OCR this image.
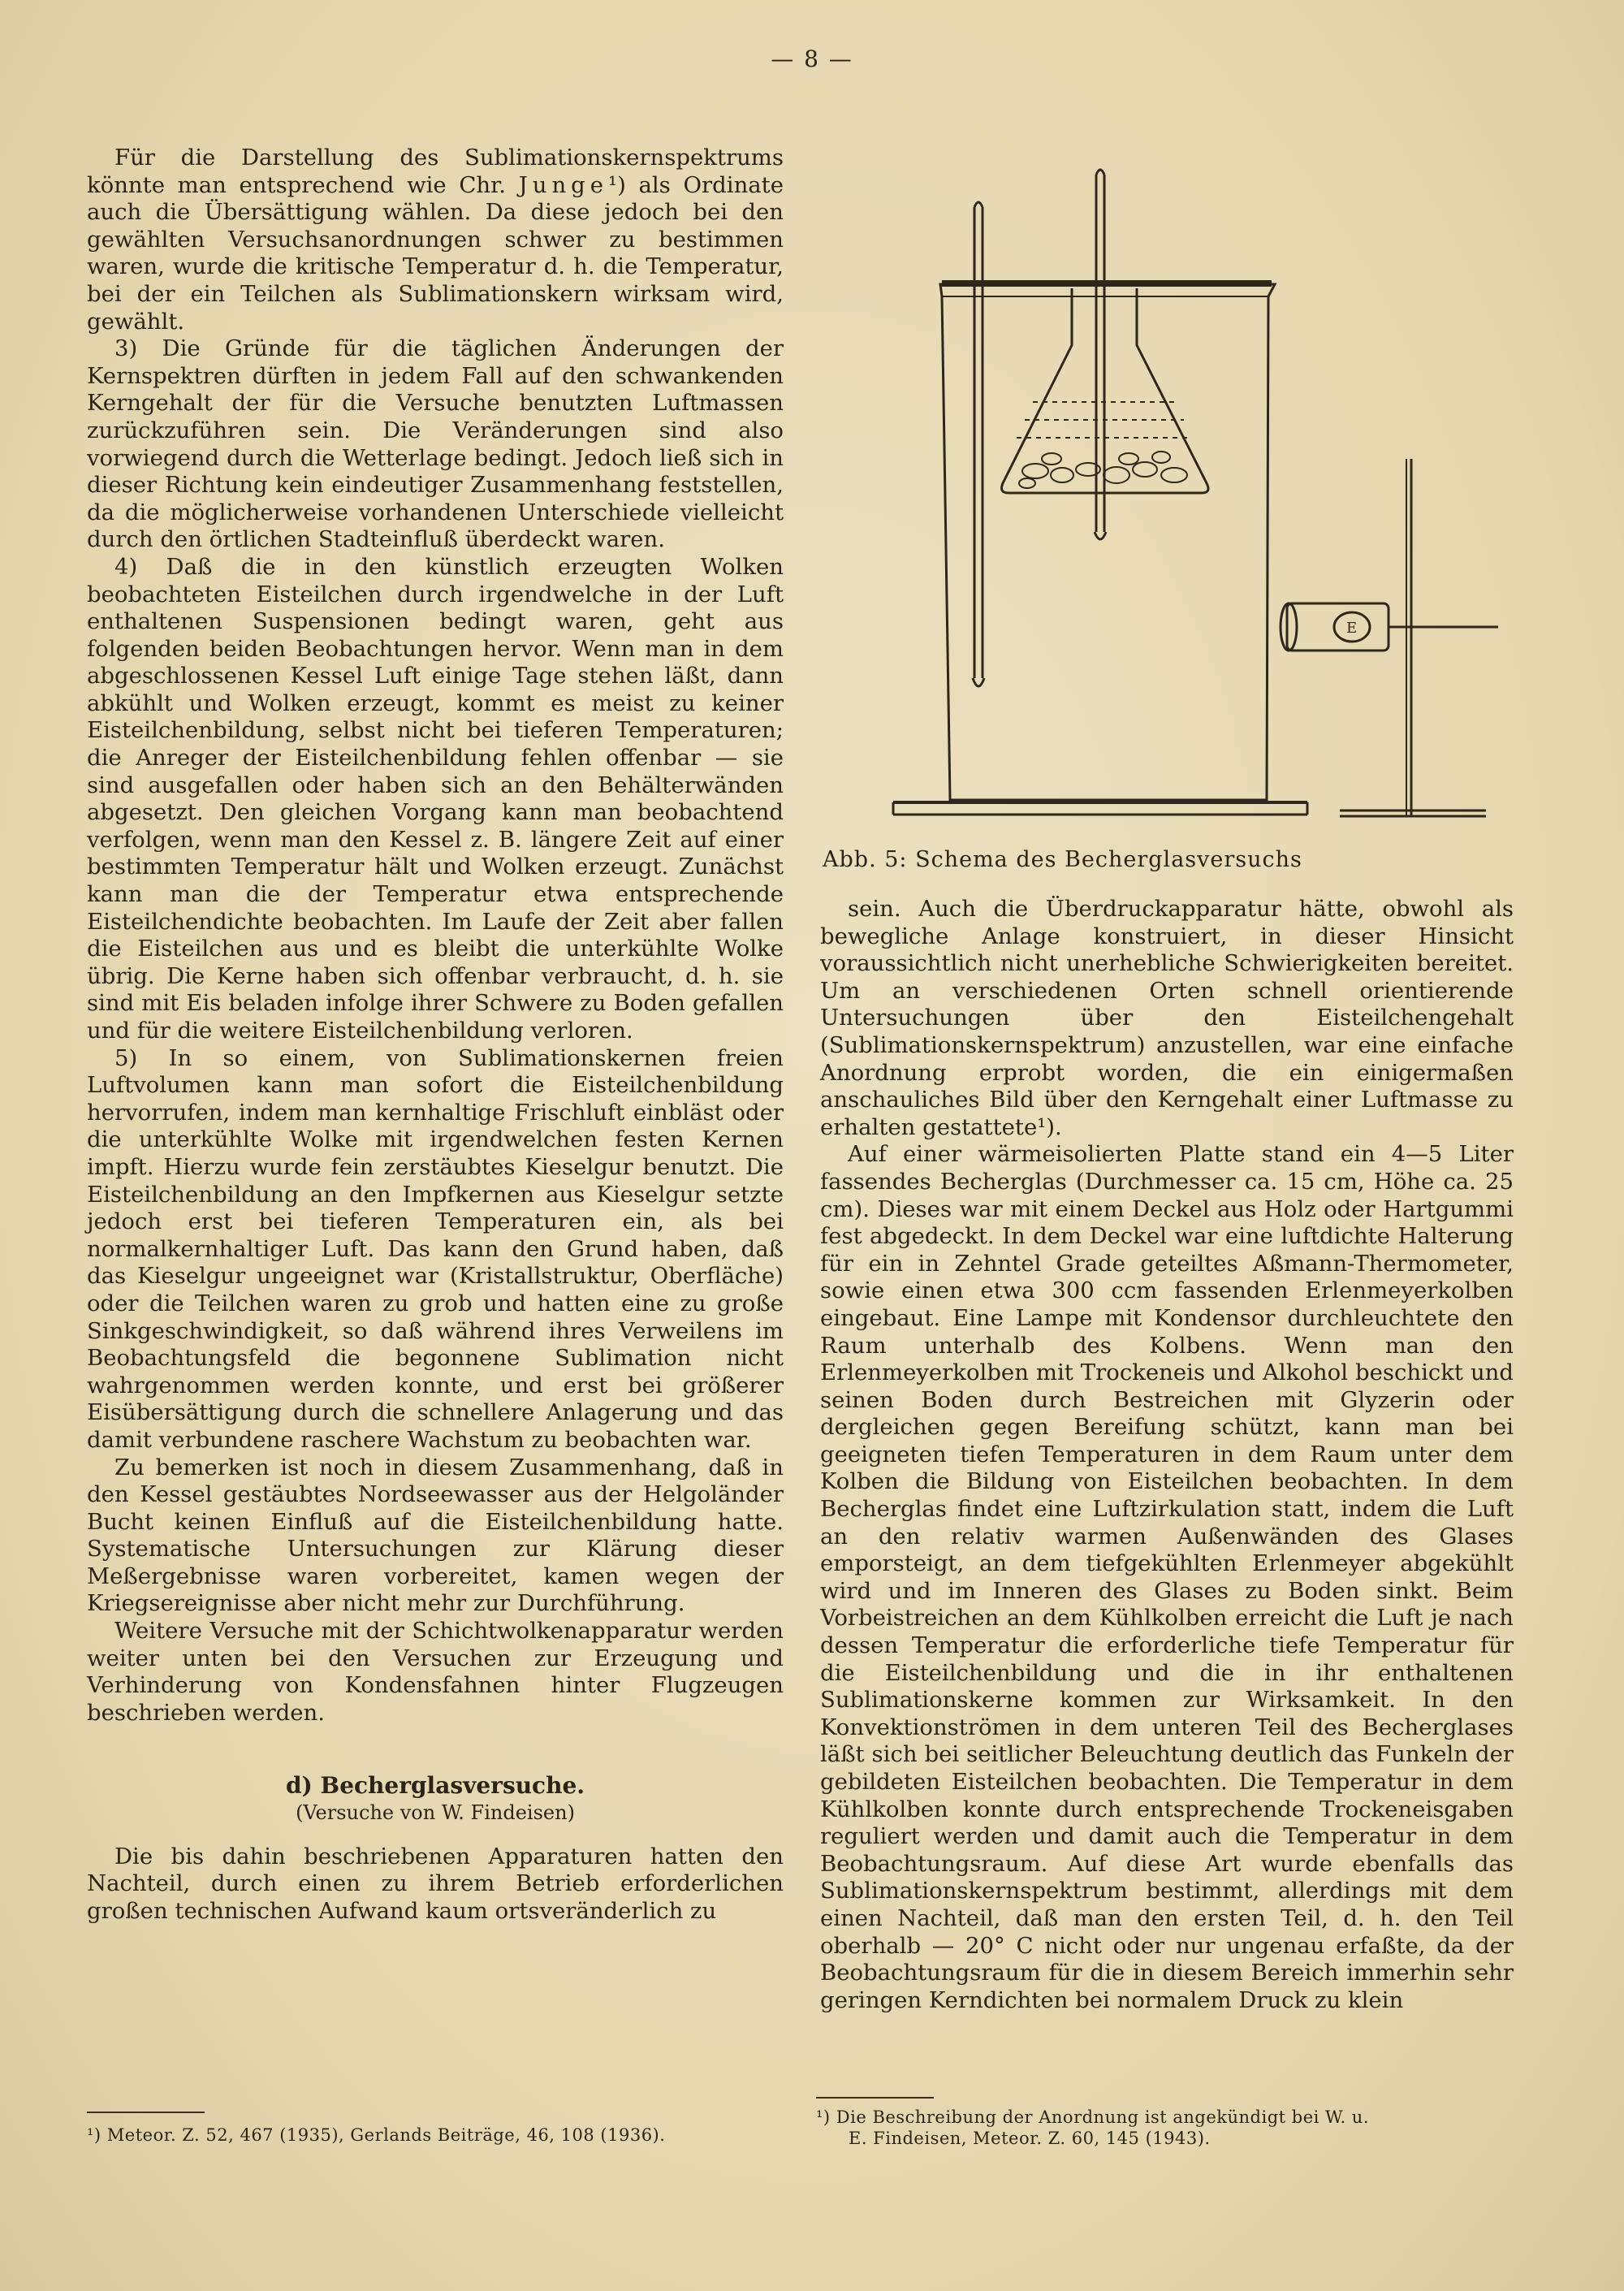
— 8 —

Für die Darstellung des Sublimationskernspektrums könnte man entsprechend wie Chr. Junge¹) als Ordinate auch die Übersättigung wählen. Da diese jedoch bei den gewählten Versuchsanordnungen schwer zu bestimmen waren, wurde die kritische Temperatur d. h. die Temperatur, bei der ein Teilchen als Sublimationskern wirksam wird, gewählt.

3) Die Gründe für die täglichen Änderungen der Kernspektren dürften in jedem Fall auf den schwankenden Kerngehalt der für die Versuche benutzten Luftmassen zurückzuführen sein. Die Veränderungen sind also vorwiegend durch die Wetterlage bedingt. Jedoch ließ sich in dieser Richtung kein eindeutiger Zusammenhang feststellen, da die möglicherweise vorhandenen Unterschiede vielleicht durch den örtlichen Stadteinfluß überdeckt waren.

4) Daß die in den künstlich erzeugten Wolken beobachteten Eisteilchen durch irgendwelche in der Luft enthaltenen Suspensionen bedingt waren, geht aus folgenden beiden Beobachtungen hervor. Wenn man in dem abgeschlossenen Kessel Luft einige Tage stehen läßt, dann abkühlt und Wolken erzeugt, kommt es meist zu keiner Eisteilchenbildung, selbst nicht bei tieferen Temperaturen; die Anreger der Eisteilchenbildung fehlen offenbar — sie sind ausgefallen oder haben sich an den Behälterwänden abgesetzt. Den gleichen Vorgang kann man beobachtend verfolgen, wenn man den Kessel z. B. längere Zeit auf einer bestimmten Temperatur hält und Wolken erzeugt. Zunächst kann man die der Temperatur etwa entsprechende Eisteilchendichte beobachten. Im Laufe der Zeit aber fallen die Eisteilchen aus und es bleibt die unterkühlte Wolke übrig. Die Kerne haben sich offenbar verbraucht, d. h. sie sind mit Eis beladen infolge ihrer Schwere zu Boden gefallen und für die weitere Eisteilchenbildung verloren.

5) In so einem, von Sublimationskernen freien Luftvolumen kann man sofort die Eisteilchenbildung hervorrufen, indem man kernhaltige Frischluft einbläst oder die unterkühlte Wolke mit irgendwelchen festen Kernen impft. Hierzu wurde fein zerstäubtes Kieselgur benutzt. Die Eisteilchenbildung an den Impfkernen aus Kieselgur setzte jedoch erst bei tieferen Temperaturen ein, als bei normalkernhaltiger Luft. Das kann den Grund haben, daß das Kieselgur ungeeignet war (Kristallstruktur, Oberfläche) oder die Teilchen waren zu grob und hatten eine zu große Sinkgeschwindigkeit, so daß während ihres Verweilens im Beobachtungsfeld die begonnene Sublimation nicht wahrgenommen werden konnte, und erst bei größerer Eisübersättigung durch die schnellere Anlagerung und das damit verbundene raschere Wachstum zu beobachten war.

Zu bemerken ist noch in diesem Zusammenhang, daß in den Kessel gestäubtes Nordseewasser aus der Helgoländer Bucht keinen Einfluß auf die Eisteilchenbildung hatte. Systematische Untersuchungen zur Klärung dieser Meßergebnisse waren vorbereitet, kamen wegen der Kriegsereignisse aber nicht mehr zur Durchführung.

Weitere Versuche mit der Schichtwolkenapparatur werden weiter unten bei den Versuchen zur Erzeugung und Verhinderung von Kondensfahnen hinter Flugzeugen beschrieben werden.

d) Becherglasversuche.

(Versuche von W. Findeisen)

Die bis dahin beschriebenen Apparaturen hatten den Nachteil, durch einen zu ihrem Betrieb erforderlichen großen technischen Aufwand kaum ortsveränderlich zu

E
Abb. 5: Schema des Becherglasversuchs

sein. Auch die Überdruckapparatur hätte, obwohl als bewegliche Anlage konstruiert, in dieser Hinsicht voraussichtlich nicht unerhebliche Schwierigkeiten bereitet. Um an verschiedenen Orten schnell orientierende Untersuchungen über den Eisteilchengehalt (Sublimationskernspektrum) anzustellen, war eine einfache Anordnung erprobt worden, die ein einigermaßen anschauliches Bild über den Kerngehalt einer Luftmasse zu erhalten gestattete¹).

Auf einer wärmeisolierten Platte stand ein 4—5 Liter fassendes Becherglas (Durchmesser ca. 15 cm, Höhe ca. 25 cm). Dieses war mit einem Deckel aus Holz oder Hartgummi fest abgedeckt. In dem Deckel war eine luftdichte Halterung für ein in Zehntel Grade geteiltes Aßmann-Thermometer, sowie einen etwa 300 ccm fassenden Erlenmeyerkolben eingebaut. Eine Lampe mit Kondensor durchleuchtete den Raum unterhalb des Kolbens. Wenn man den Erlenmeyerkolben mit Trockeneis und Alkohol beschickt und seinen Boden durch Bestreichen mit Glyzerin oder dergleichen gegen Bereifung schützt, kann man bei geeigneten tiefen Temperaturen in dem Raum unter dem Kolben die Bildung von Eisteilchen beobachten. In dem Becherglas findet eine Luftzirkulation statt, indem die Luft an den relativ warmen Außenwänden des Glases emporsteigt, an dem tiefgekühlten Erlenmeyer abgekühlt wird und im Inneren des Glases zu Boden sinkt. Beim Vorbeistreichen an dem Kühlkolben erreicht die Luft je nach dessen Temperatur die erforderliche tiefe Temperatur für die Eisteilchenbildung und die in ihr enthaltenen Sublimationskerne kommen zur Wirksamkeit. In den Konvektionströmen in dem unteren Teil des Becherglases läßt sich bei seitlicher Beleuchtung deutlich das Funkeln der gebildeten Eisteilchen beobachten. Die Temperatur in dem Kühlkolben konnte durch entsprechende Trockeneisgaben reguliert werden und damit auch die Temperatur in dem Beobachtungsraum. Auf diese Art wurde ebenfalls das Sublimationskernspektrum bestimmt, allerdings mit dem einen Nachteil, daß man den ersten Teil, d. h. den Teil oberhalb — 20° C nicht oder nur ungenau erfaßte, da der Beobachtungsraum für die in diesem Bereich immerhin sehr geringen Kerndichten bei normalem Druck zu klein

¹) Meteor. Z. 52, 467 (1935), Gerlands Beiträge, 46, 108 (1936).
¹) Die Beschreibung der Anordnung ist angekündigt bei W. u.
E. Findeisen, Meteor. Z. 60, 145 (1943).
